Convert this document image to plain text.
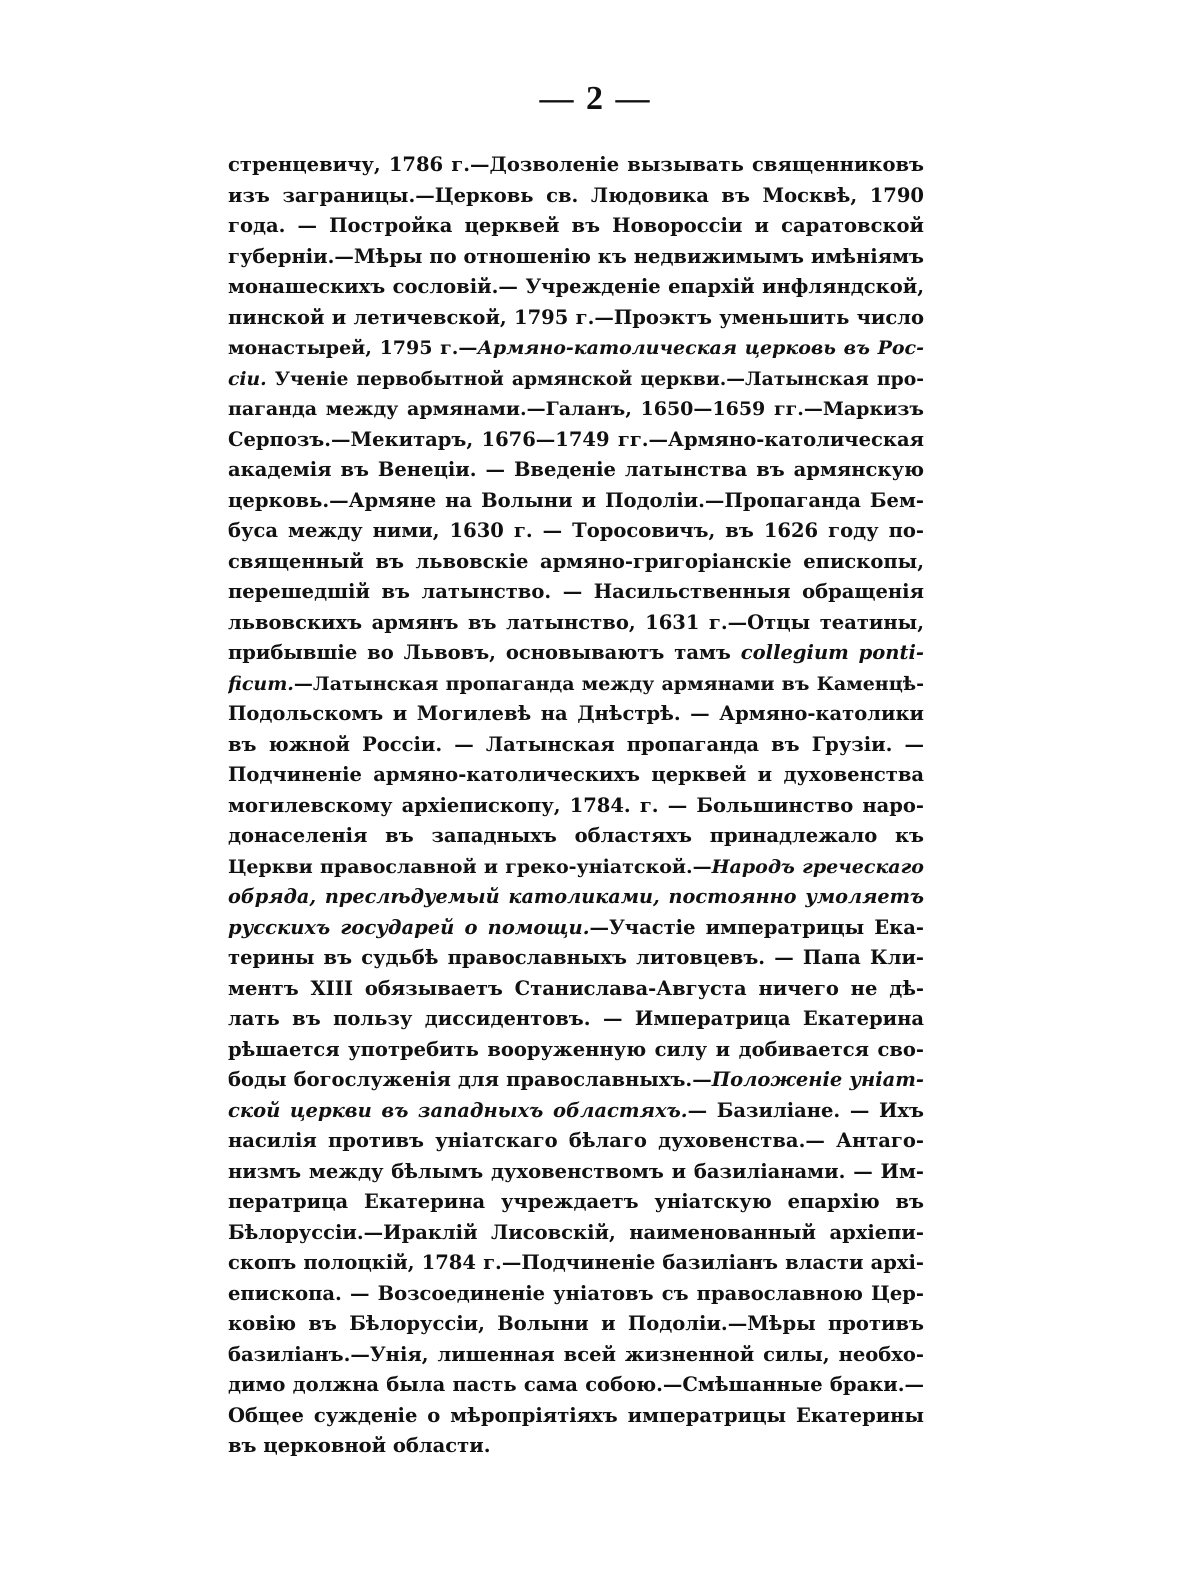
— 2 —
стренцевичу, 1786 г.—Дозволеніе вызывать священниковъ
изъ заграницы.—Церковь св. Людовика въ Москвѣ, 1790
года. — Постройка церквей въ Новороссіи и саратовской
губерніи.—Мѣры по отношенію къ недвижимымъ имѣніямъ
монашескихъ сословій.— Учрежденіе епархій инфляндской,
пинской и летичевской, 1795 г.—Проэктъ уменьшить число
монастырей, 1795 г.—Армяно-католическая церковь въ Рос-
сіи. Ученіе первобытной армянской церкви.—Латынская про-
паганда между армянами.—Галанъ, 1650—1659 гг.—Маркизъ
Серпозъ.—Мекитаръ, 1676—1749 гг.—Армяно-католическая
академія въ Венеціи. — Введеніе латынства въ армянскую
церковь.—Армяне на Волыни и Подоліи.—Пропаганда Бем-
буса между ними, 1630 г. — Торосовичъ, въ 1626 году по-
священный въ львовскіе армяно-григоріанскіе епископы,
перешедшій въ латынство. — Насильственныя обращенія
львовскихъ армянъ въ латынство, 1631 г.—Отцы театины,
прибывшіе во Львовъ, основываютъ тамъ collegium ponti-
ficum.—Латынская пропаганда между армянами въ Каменцѣ-
Подольскомъ и Могилевѣ на Днѣстрѣ. — Армяно-католики
въ южной Россіи. — Латынская пропаганда въ Грузіи. —
Подчиненіе армяно-католическихъ церквей и духовенства
могилевскому архіепископу, 1784. г. — Большинство наро-
донаселенія въ западныхъ областяхъ принадлежало къ
Церкви православной и греко-уніатской.—Народъ греческаго
обряда, преслѣдуемый католиками, постоянно умоляетъ
русскихъ государей о помощи.—Участіе императрицы Ека-
терины въ судьбѣ православныхъ литовцевъ. — Папа Кли-
ментъ XIII обязываетъ Станислава-Августа ничего не дѣ-
лать въ пользу диссидентовъ. — Императрица Екатерина
рѣшается употребить вооруженную силу и добивается сво-
боды богослуженія для православныхъ.—Положеніе уніат-
ской церкви въ западныхъ областяхъ.— Базиліане. — Ихъ
насилія противъ уніатскаго бѣлаго духовенства.— Антаго-
низмъ между бѣлымъ духовенствомъ и базиліанами. — Им-
ператрица Екатерина учреждаетъ уніатскую епархію въ
Бѣлоруссіи.—Ираклій Лисовскій, наименованный архіепи-
скопъ полоцкій, 1784 г.—Подчиненіе базиліанъ власти архі-
епископа. — Возсоединеніе уніатовъ съ православною Цер-
ковію въ Бѣлоруссіи, Волыни и Подоліи.—Мѣры противъ
базиліанъ.—Унія, лишенная всей жизненной силы, необхо-
димо должна была пасть сама собою.—Смѣшанные браки.—
Общее сужденіе о мѣропріятіяхъ императрицы Екатерины
въ церковной области.
